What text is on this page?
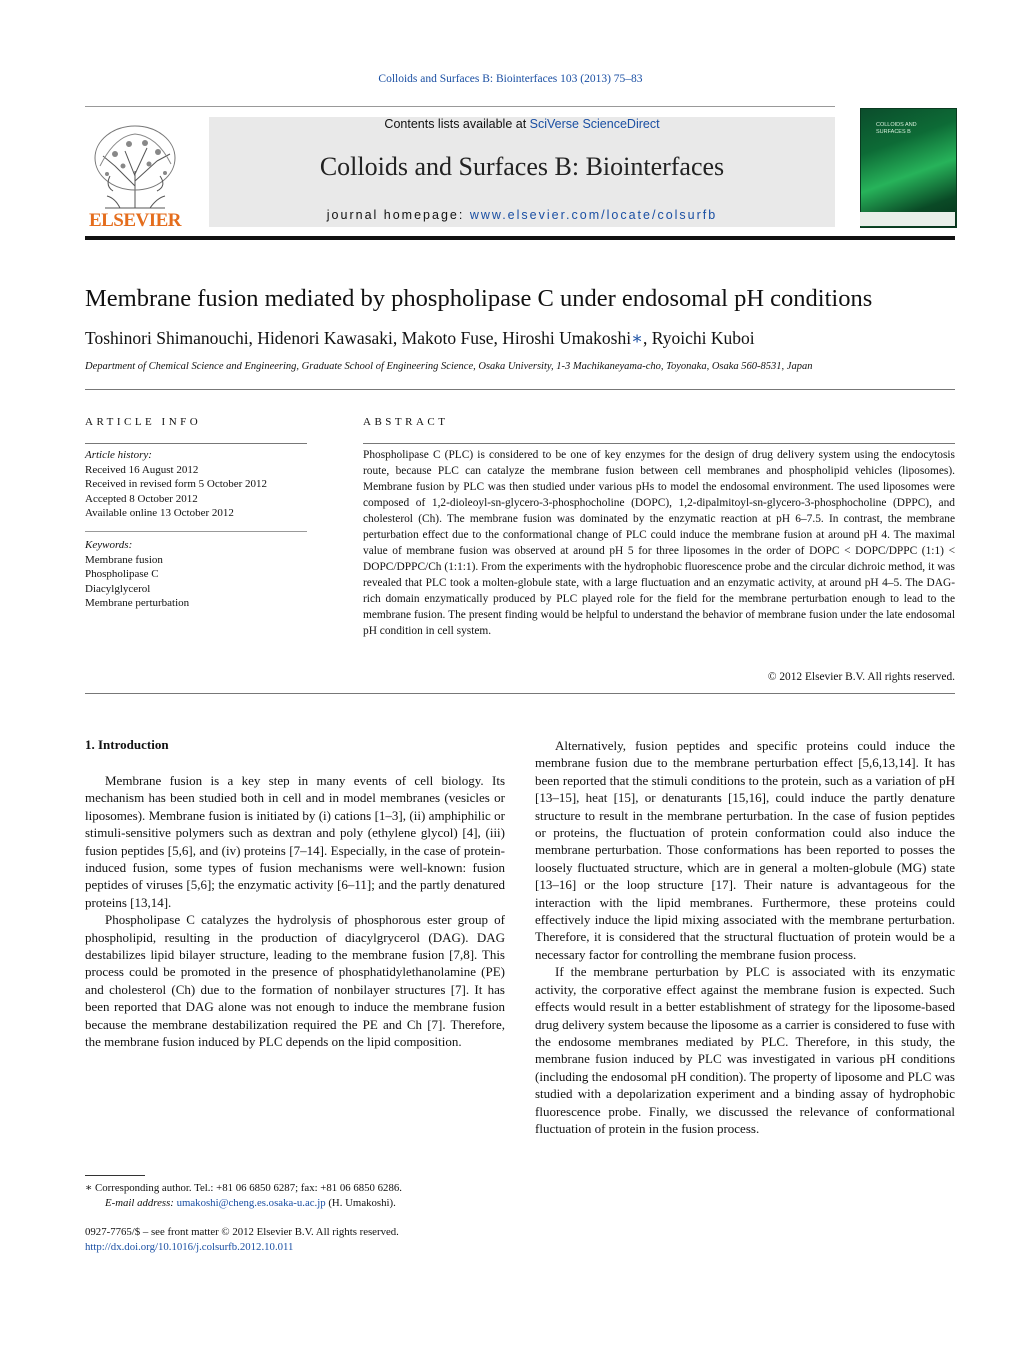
Colloids and Surfaces B: Biointerfaces 103 (2013) 75–83
ELSEVIER
Contents lists available at SciVerse ScienceDirect
Colloids and Surfaces B: Biointerfaces
journal homepage: www.elsevier.com/locate/colsurfb
COLLOIDS AND SURFACES B
Membrane fusion mediated by phospholipase C under endosomal pH conditions
Toshinori Shimanouchi, Hidenori Kawasaki, Makoto Fuse, Hiroshi Umakoshi∗, Ryoichi Kuboi
Department of Chemical Science and Engineering, Graduate School of Engineering Science, Osaka University, 1-3 Machikaneyama-cho, Toyonaka, Osaka 560-8531, Japan
ARTICLE INFO	ABSTRACT
Article history:
Received 16 August 2012
Received in revised form 5 October 2012
Accepted 8 October 2012
Available online 13 October 2012
Keywords:
Membrane fusion
Phospholipase C
Diacylglycerol
Membrane perturbation
Phospholipase C (PLC) is considered to be one of key enzymes for the design of drug delivery system using the endocytosis route, because PLC can catalyze the membrane fusion between cell membranes and phospholipid vehicles (liposomes). Membrane fusion by PLC was then studied under various pHs to model the endosomal environment. The used liposomes were composed of 1,2-dioleoyl-sn-glycero-3-phosphocholine (DOPC), 1,2-dipalmitoyl-sn-glycero-3-phosphocholine (DPPC), and cholesterol (Ch). The membrane fusion was dominated by the enzymatic reaction at pH 6–7.5. In contrast, the membrane perturbation effect due to the conformational change of PLC could induce the membrane fusion at around pH 4. The maximal value of membrane fusion was observed at around pH 5 for three liposomes in the order of DOPC < DOPC/DPPC (1:1) < DOPC/DPPC/Ch (1:1:1). From the experiments with the hydrophobic fluorescence probe and the circular dichroic method, it was revealed that PLC took a molten-globule state, with a large fluctuation and an enzymatic activity, at around pH 4–5. The DAG-rich domain enzymatically produced by PLC played role for the field for the membrane perturbation enough to lead to the membrane fusion. The present finding would be helpful to understand the behavior of membrane fusion under the late endosomal pH condition in cell system.
© 2012 Elsevier B.V. All rights reserved.
1. Introduction

Membrane fusion is a key step in many events of cell biology. Its mechanism has been studied both in cell and in model membranes (vesicles or liposomes). Membrane fusion is initiated by (i) cations [1–3], (ii) amphiphilic or stimuli-sensitive polymers such as dextran and poly (ethylene glycol) [4], (iii) fusion peptides [5,6], and (iv) proteins [7–14]. Especially, in the case of protein-induced fusion, some types of fusion mechanisms were well-known: fusion peptides of viruses [5,6]; the enzymatic activity [6–11]; and the partly denatured proteins [13,14].

Phospholipase C catalyzes the hydrolysis of phosphorous ester group of phospholipid, resulting in the production of diacylgrycerol (DAG). DAG destabilizes lipid bilayer structure, leading to the membrane fusion [7,8]. This process could be promoted in the presence of phosphatidylethanolamine (PE) and cholesterol (Ch) due to the formation of nonbilayer structures [7]. It has been reported that DAG alone was not enough to induce the membrane fusion because the membrane destabilization required the PE and Ch [7]. Therefore, the membrane fusion induced by PLC depends on the lipid composition.

Alternatively, fusion peptides and specific proteins could induce the membrane fusion due to the membrane perturbation effect [5,6,13,14]. It has been reported that the stimuli conditions to the protein, such as a variation of pH [13–15], heat [15], or denaturants [15,16], could induce the partly denature structure to result in the membrane perturbation. In the case of fusion peptides or proteins, the fluctuation of protein conformation could also induce the membrane perturbation. Those conformations has been reported to posses the loosely fluctuated structure, which are in general a molten-globule (MG) state [13–16] or the loop structure [17]. Their nature is advantageous for the interaction with the lipid membranes. Furthermore, these proteins could effectively induce the lipid mixing associated with the membrane perturbation. Therefore, it is considered that the structural fluctuation of protein would be a necessary factor for controlling the membrane fusion process.

If the membrane perturbation by PLC is associated with its enzymatic activity, the corporative effect against the membrane fusion is expected. Such effects would result in a better establishment of strategy for the liposome-based drug delivery system because the liposome as a carrier is considered to fuse with the endosome membranes mediated by PLC. Therefore, in this study, the membrane fusion induced by PLC was investigated in various pH conditions (including the endosomal pH condition). The property of liposome and PLC was studied with a depolarization experiment and a binding assay of hydrophobic fluorescence probe. Finally, we discussed the relevance of conformational fluctuation of protein in the fusion process.

∗ Corresponding author. Tel.: +81 06 6850 6287; fax: +81 06 6850 6286.
E-mail address: umakoshi@cheng.es.osaka-u.ac.jp (H. Umakoshi).
0927-7765/$ – see front matter © 2012 Elsevier B.V. All rights reserved.
http://dx.doi.org/10.1016/j.colsurfb.2012.10.011
